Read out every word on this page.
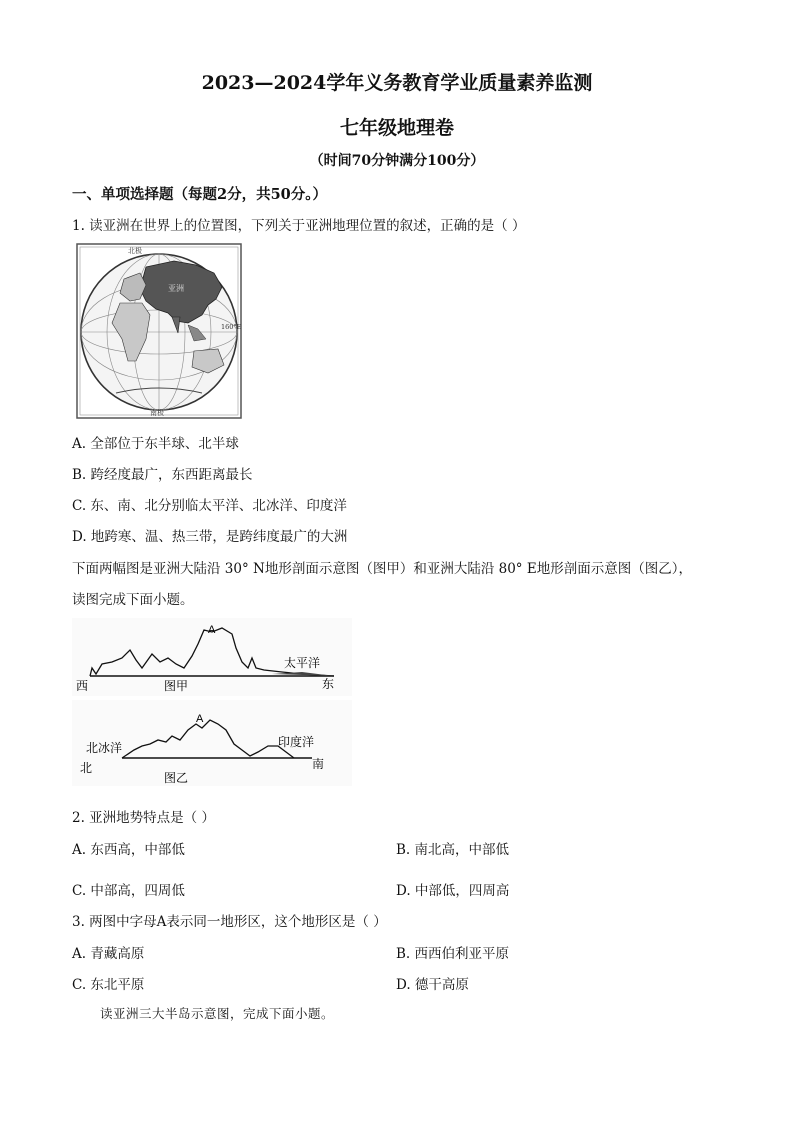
2023—2024学年义务教育学业质量素养监测
七年级地理卷
（时间70分钟满分100分）
一、单项选择题（每题2分，共50分。）
1. 读亚洲在世界上的位置图，下列关于亚洲地理位置的叙述，正确的是（ ）
北极
南极
亚洲
160°E
A. 全部位于东半球、北半球
B. 跨经度最广，东西距离最长
C. 东、南、北分别临太平洋、北冰洋、印度洋
D. 地跨寒、温、热三带，是跨纬度最广的大洲
下面两幅图是亚洲大陆沿 30° N地形剖面示意图（图甲）和亚洲大陆沿 80° E地形剖面示意图（图乙），
读图完成下面小题。
A
太平洋
西	图甲	东
A
北冰洋	印度洋
北
图乙
南
2. 亚洲地势特点是（ ）
A. 东西高，中部低	B. 南北高，中部低
C. 中部高，四周低	D. 中部低，四周高
3. 两图中字母A表示同一地形区，这个地形区是（ ）
A. 青藏高原	B. 西西伯利亚平原
C. 东北平原	D. 德干高原
读亚洲三大半岛示意图，完成下面小题。
